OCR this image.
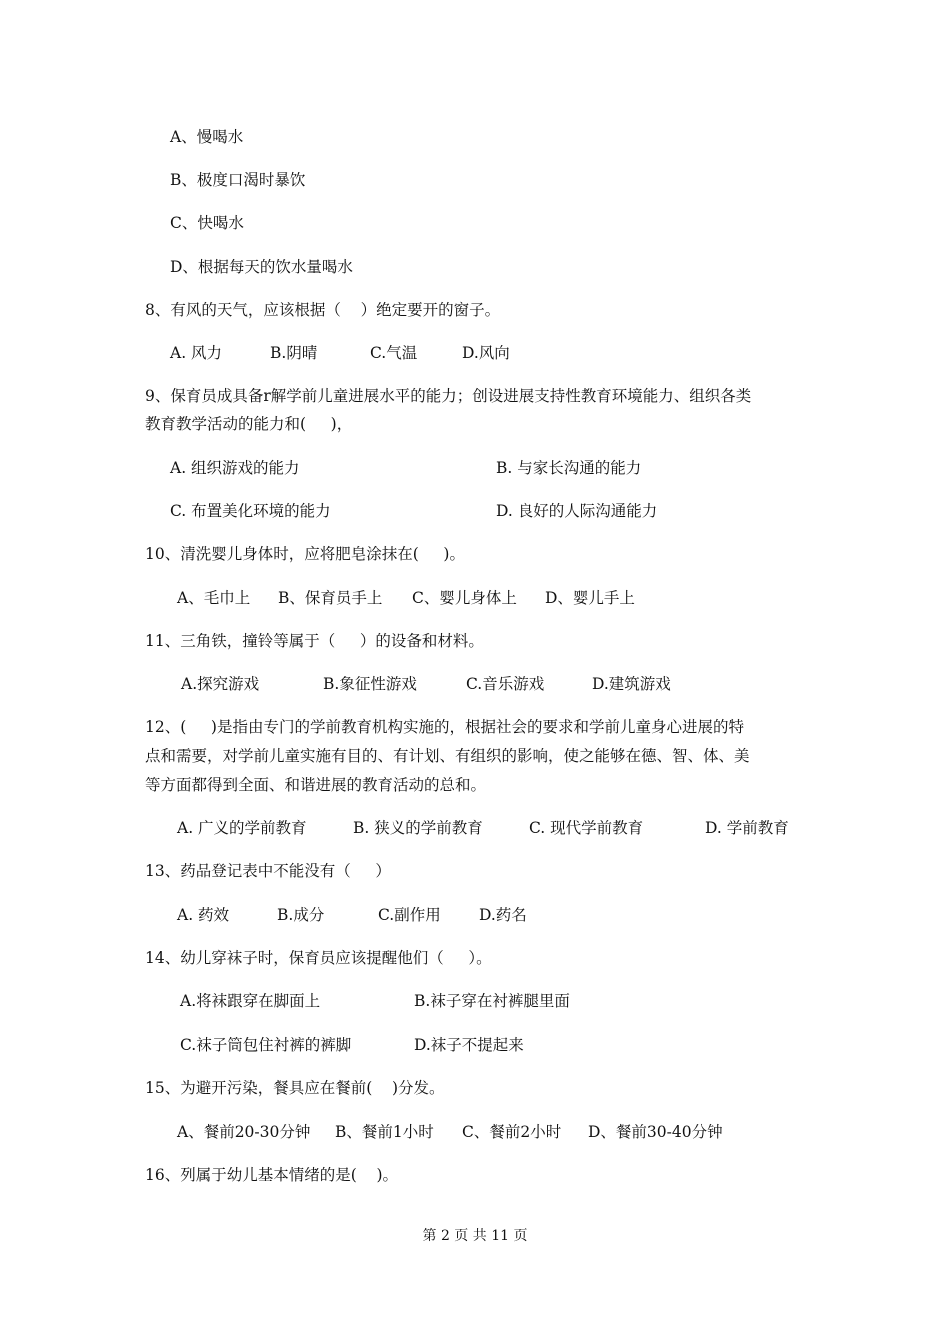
A、慢喝水
B、极度口渴时暴饮
C、快喝水
D、根据每天的饮水量喝水
8、有风的天气，应该根据（    ）绝定要开的窗子。
A. 风力	B.阴晴	C.气温	D.风向
9、保育员成具备r解学前儿童进展水平的能力；创设进展支持性教育环境能力、组织各类
教育教学活动的能力和(     )，
A. 组织游戏的能力	B. 与家长沟通的能力
C. 布置美化环境的能力	D. 良好的人际沟通能力
10、清洗婴儿身体时，应将肥皂涂抹在(     )。
A、毛巾上 B、保育员手上 C、婴儿身体上 D、婴儿手上
11、三角铁，撞铃等属于（     ）的设备和材料。
A.探究游戏	B.象征性游戏	C.音乐游戏	D.建筑游戏
12、(     )是指由专门的学前教育机构实施的，根据社会的要求和学前儿童身心进展的特
点和需要，对学前儿童实施有目的、有计划、有组织的影响，使之能够在德、智、体、美
等方面都得到全面、和谐进展的教育活动的总和。
A. 广义的学前教育	B. 狭义的学前教育	C. 现代学前教育	D. 学前教育
13、药品登记表中不能没有（     ）
A. 药效	B.成分	C.副作用 D.药名
14、幼儿穿袜子时，保育员应该提醒他们（     ）。
A.将袜跟穿在脚面上	B.袜子穿在衬裤腿里面
C.袜子筒包住衬裤的裤脚	D.袜子不提起来
15、为避开污染，餐具应在餐前(    )分发。
A、餐前20-30分钟 B、餐前1小时 C、餐前2小时 D、餐前30-40分钟
16、列属于幼儿基本情绪的是(    )。
第 2 页 共 11 页
